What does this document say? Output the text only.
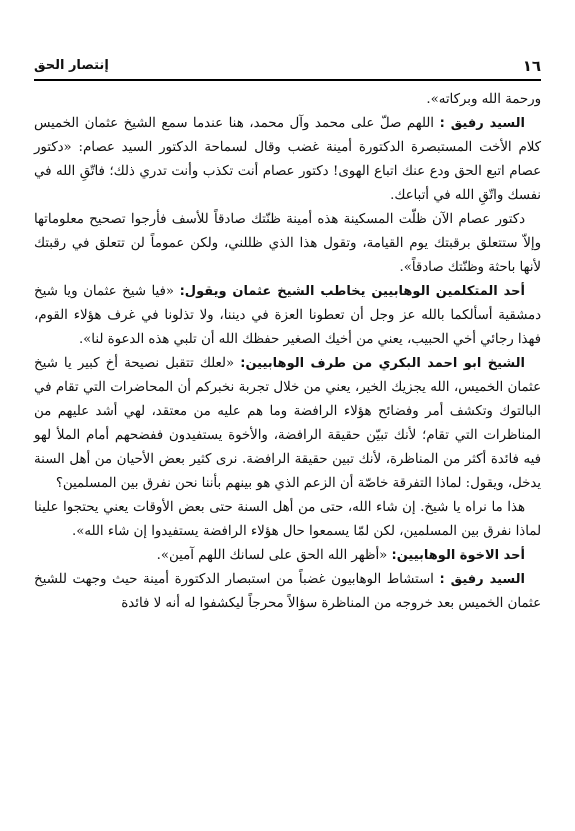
١٦
إنتصار الحق

ورحمة الله وبركاته».

السيد رفيق : اللهم صلّ على محمد وآل محمد، هنا عندما سمع الشيخ عثمان الخميس كلام الأخت المستبصرة الدكتورة أمينة غضب وقال لسماحة الدكتور السيد عصام: «دكتور عصام اتبع الحق ودع عنك اتباع الهوى! دكتور عصام أنت تكذب وأنت تدري ذلك؛ فاتّقِ الله في نفسك واتّقِ الله في أتباعك.

دكتور عصام الآن ظلّت المسكينة هذه أمينة ظنّتك صادقاً للأسف فأرجوا تصحيح معلوماتها وإلاّ ستتعلق برقبتك يوم القيامة، وتقول هذا الذي ظللني، ولكن عموماً لن تتعلق في رقبتك لأنها باحثة وظنّتك صادقاً».

أحد المتكلمين الوهابيين يخاطب الشيخ عثمان ويقول: «فيا شيخ عثمان ويا شيخ دمشقية أسألكما بالله عز وجل أن تعطونا العزة في ديننا، ولا تذلونا في غرف هؤلاء القوم، فهذا رجائي أخي الحبيب، يعني من أخيك الصغير حفظك الله أن تلبي هذه الدعوة لنا».

الشيخ ابو احمد البكري من طرف الوهابيين: «لعلك تتقبل نصيحة أخ كبير يا شيخ عثمان الخميس، الله يجزيك الخير، يعني من خلال تجربة نخبركم أن المحاضرات التي تقام في البالتوك وتكشف أمر وفضائح هؤلاء الرافضة وما هم عليه من معتقد، لهي أشد عليهم من المناظرات التي تقام؛ لأنك تبيّن حقيقة الرافضة، والأخوة يستفيدون ففضحهم أمام الملأ لهو فيه فائدة أكثر من المناظرة، لأنك تبين حقيقة الرافضة. نرى كثير بعض الأحيان من أهل السنة يدخل، ويقول: لماذا التفرقة خاصّة أن الزعم الذي هو بينهم بأننا نحن نفرق بين المسلمين؟

هذا ما نراه يا شيخ. إن شاء الله، حتى من أهل السنة حتى بعض الأوقات يعني يحتجوا علينا لماذا نفرق بين المسلمين، لكن لمّا يسمعوا حال هؤلاء الرافضة يستفيدوا إن شاء الله».

أحد الاخوة الوهابيين: «أظهر الله الحق على لسانك اللهم آمين».

السيد رفيق : استشاط الوهابيون غضباً من استبصار الدكتورة أمينة حيث وجهت للشيخ عثمان الخميس بعد خروجه من المناظرة سؤالاً محرجاً ليكشفوا له أنه لا فائدة
